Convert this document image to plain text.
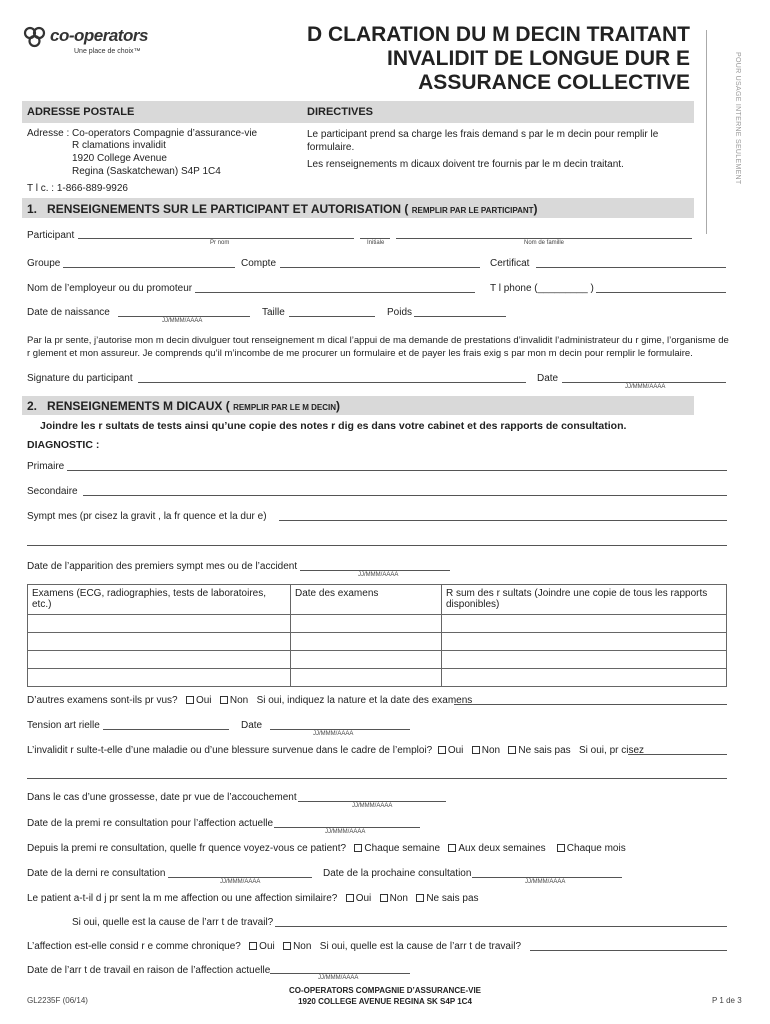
co-operators
Une place de choix™
D CLARATION DU M DECIN TRAITANT
INVALIDIT DE LONGUE DUR E
ASSURANCE COLLECTIVE	POUR USAGE INTERNE SEULEMENT
ADRESSE POSTALE	DIRECTIVES
Adresse : Co-operators Compagnie d’assurance-vie
R clamations invalidit
1920 College Avenue
Regina (Saskatchewan) S4P 1C4
T l c. : 1-866-889-9926
Le participant prend sa charge les frais demand s par le m decin pour remplir le formulaire.
Les renseignements m dicaux doivent tre fournis par le m decin traitant.
1. RENSEIGNEMENTS SUR LE PARTICIPANT ET AUTORISATION ( REMPLIR PAR LE PARTICIPANT)
Participant
Pr nom	Initiale	Nom de famille
Groupe	Compte	Certificat
Nom de l’employeur ou du promoteur	T l phone (_________ )
Date de naissance
JJ/MMM/AAAA
Taille	Poids
Par la pr sente, j’autorise mon m decin divulguer tout renseignement m dical l’appui de ma demande de prestations d’invalidit l’administrateur du r gime, l’organisme de r glement et mon assureur. Je comprends qu’il m’incombe de me procurer un formulaire et de payer les frais exig s par mon m decin pour remplir le formulaire.
Signature du participant	Date
JJ/MMM/AAAA
2. RENSEIGNEMENTS M DICAUX ( REMPLIR PAR LE M DECIN)
Joindre les r sultats de tests ainsi qu’une copie des notes r dig es dans votre cabinet et des rapports de consultation.
DIAGNOSTIC :
Primaire
Secondaire
Sympt mes (pr cisez la gravit , la fr quence et la dur e)
Date de l’apparition des premiers sympt mes ou de l’accident
JJ/MMM/AAAA
Examens (ECG, radiographies, tests de laboratoires, etc.)	Date des examens	R sum des r sultats (Joindre une copie de tous les rapports disponibles)

D’autres examens sont-ils pr vus? Oui Non Si oui, indiquez la nature et la date des examens
Tension art rielle	Date
JJ/MMM/AAAA
L’invalidit r sulte-t-elle d’une maladie ou d’une blessure survenue dans le cadre de l’emploi? Oui Non Ne sais pas Si oui, pr cisez
Dans le cas d’une grossesse, date pr vue de l’accouchement
JJ/MMM/AAAA
Date de la premi re consultation pour l’affection actuelle
JJ/MMM/AAAA
Depuis la premi re consultation, quelle fr quence voyez-vous ce patient? Chaque semaine Aux deux semaines Chaque mois
Date de la derni re consultation
JJ/MMM/AAAA
Date de la prochaine consultation
JJ/MMM/AAAA
Le patient a-t-il d j pr sent la m me affection ou une affection similaire? Oui Non Ne sais pas
Si oui, quelle est la cause de l’arr t de travail?
L’affection est-elle consid r e comme chronique? Oui Non Si oui, quelle est la cause de l’arr t de travail?
Date de l’arr t de travail en raison de l’affection actuelle
JJ/MMM/AAAA
GL2235F (06/14)
CO-OPERATORS COMPAGNIE D’ASSURANCE-VIE
1920 COLLEGE AVENUE REGINA SK S4P 1C4	P 1 de 3
